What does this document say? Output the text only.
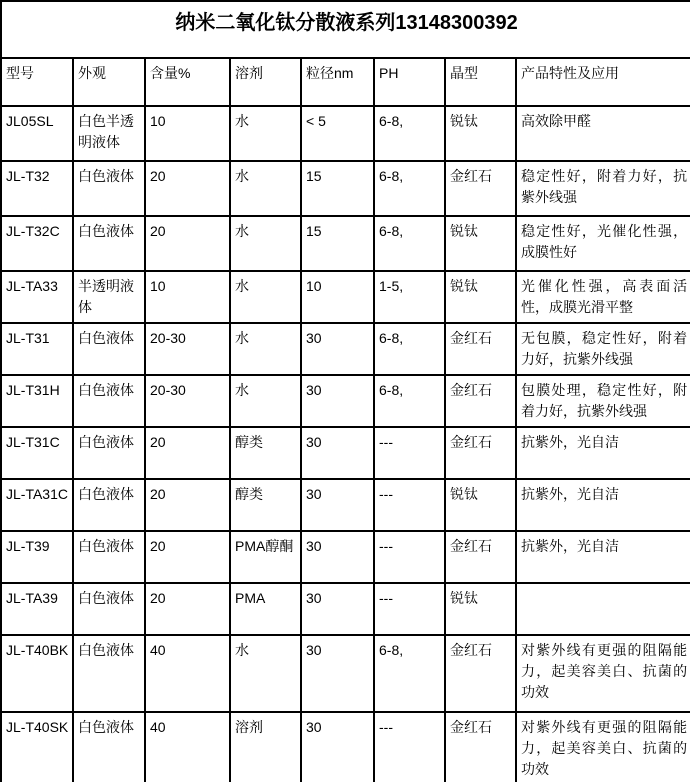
纳米二氧化钛分散液系列13148300392							
型号	外观	含量%	溶剂	粒径nm	PH	晶型	产品特性及应用
JL05SL	白色半透明液体	10	水	< 5	6-8,	锐钛	高效除甲醛
JL-T32	白色液体	20	水	15	6-8,	金红石	稳定性好，附着力好，抗紫外线强
JL-T32C	白色液体	20	水	15	6-8,	锐钛	稳定性好，光催化性强，成膜性好
JL-TA33	半透明液体	10	水	10	1-5,	锐钛	光催化性强，高表面活性，成膜光滑平整
JL-T31	白色液体	20-30	水	30	6-8,	金红石	无包膜，稳定性好，附着力好，抗紫外线强
JL-T31H	白色液体	20-30	水	30	6-8,	金红石	包膜处理，稳定性好，附着力好，抗紫外线强
JL-T31C	白色液体	20	醇类	30	---	金红石	抗紫外，光自洁
JL-TA31C	白色液体	20	醇类	30	---	锐钛	抗紫外，光自洁
JL-T39	白色液体	20	PMA醇酮	30	---	金红石	抗紫外，光自洁
JL-TA39	白色液体	20	PMA	30	---	锐钛	
JL-T40BK	白色液体	40	水	30	6-8,	金红石	对紫外线有更强的阻隔能力，起美容美白、抗菌的功效
JL-T40SK	白色液体	40	溶剂	30	---	金红石	对紫外线有更强的阻隔能力，起美容美白、抗菌的功效
